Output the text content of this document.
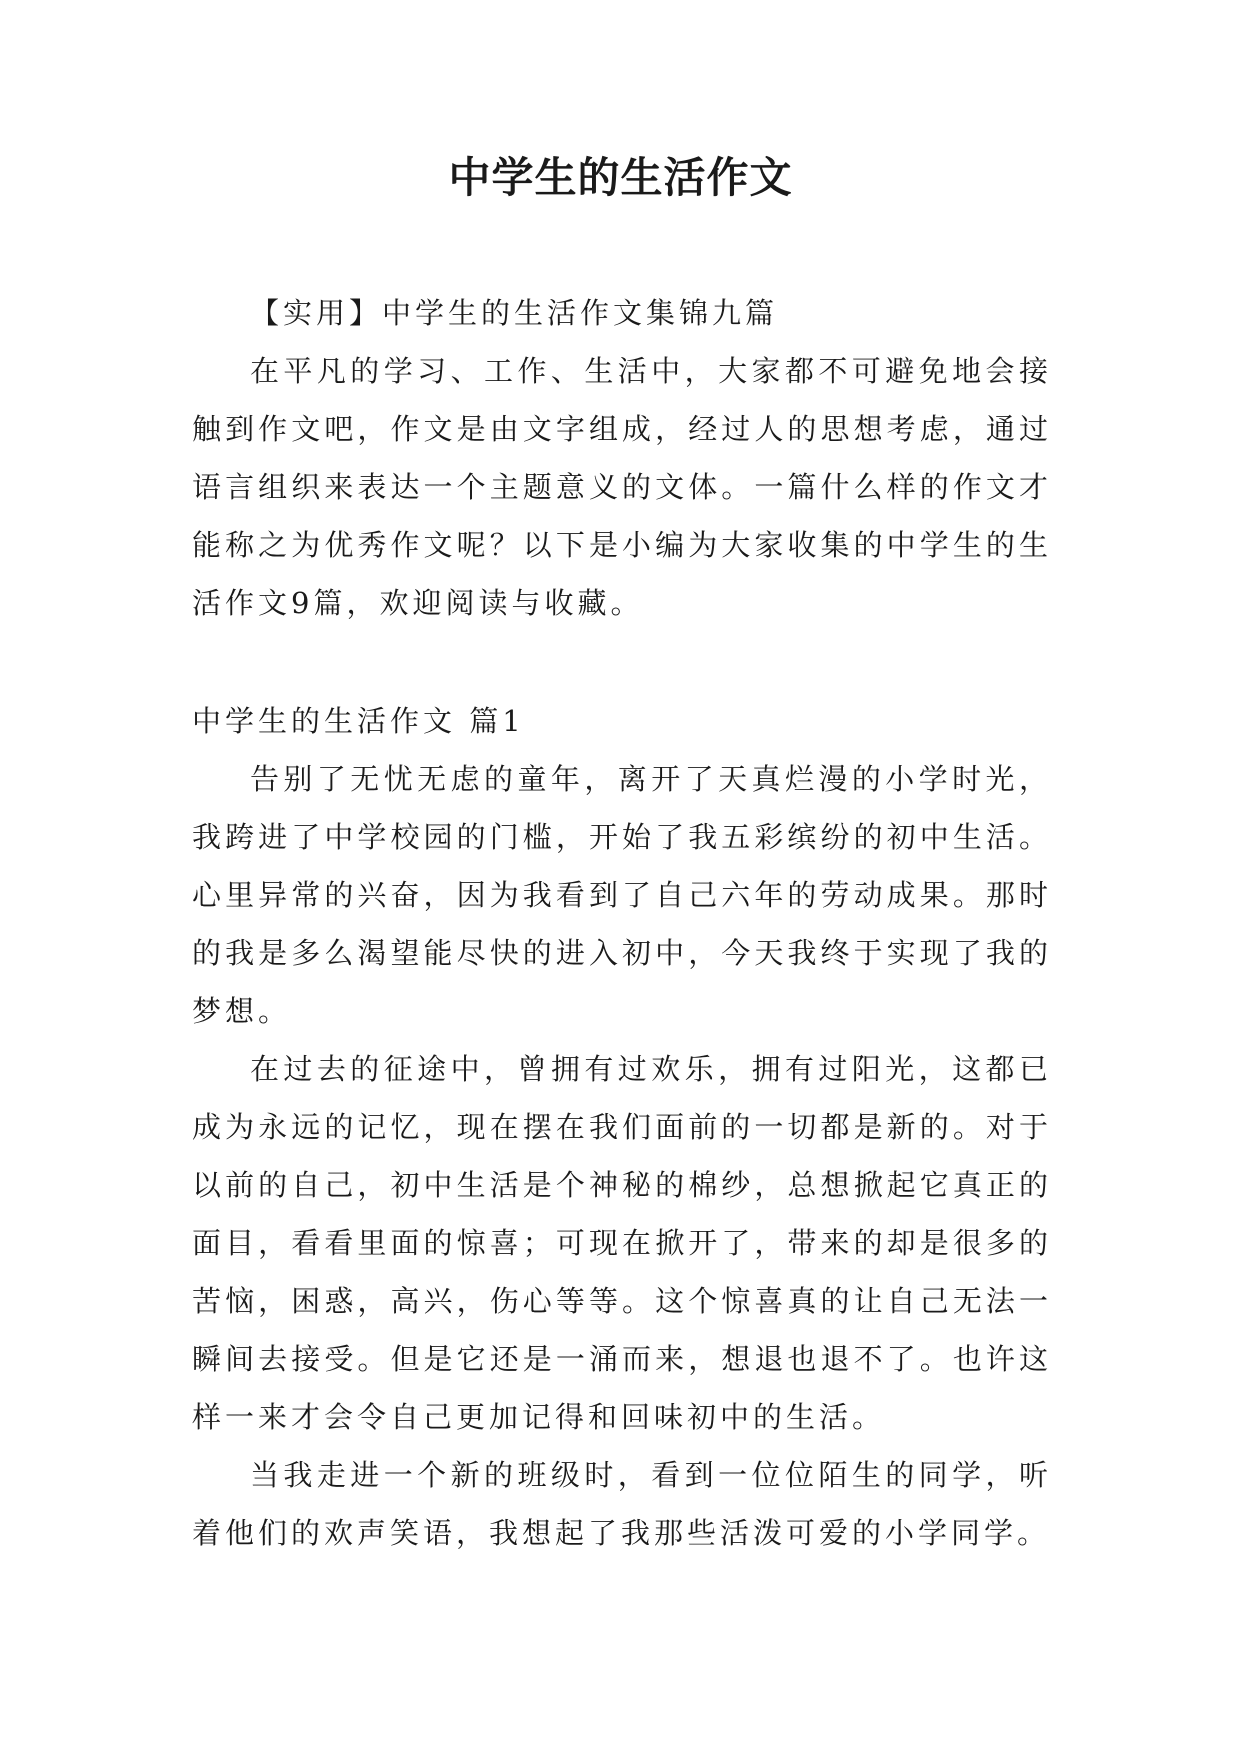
中学生的生活作文

【实用】中学生的生活作文集锦九篇

在平凡的学习、工作、生活中，大家都不可避免地会接触到作文吧，作文是由文字组成，经过人的思想考虑，通过语言组织来表达一个主题意义的文体。一篇什么样的作文才能称之为优秀作文呢？以下是小编为大家收集的中学生的生活作文9篇，欢迎阅读与收藏。

中学生的生活作文 篇1

告别了无忧无虑的童年，离开了天真烂漫的小学时光，我跨进了中学校园的门槛，开始了我五彩缤纷的初中生活。心里异常的兴奋，因为我看到了自己六年的劳动成果。那时的我是多么渴望能尽快的进入初中，今天我终于实现了我的梦想。

在过去的征途中，曾拥有过欢乐，拥有过阳光，这都已成为永远的记忆，现在摆在我们面前的一切都是新的。对于以前的自己，初中生活是个神秘的棉纱，总想掀起它真正的面目，看看里面的惊喜；可现在掀开了，带来的却是很多的苦恼，困惑，高兴，伤心等等。这个惊喜真的让自己无法一瞬间去接受。但是它还是一涌而来，想退也退不了。也许这样一来才会令自己更加记得和回味初中的生活。

当我走进一个新的班级时，看到一位位陌生的同学，听着他们的欢声笑语，我想起了我那些活泼可爱的小学同学。
